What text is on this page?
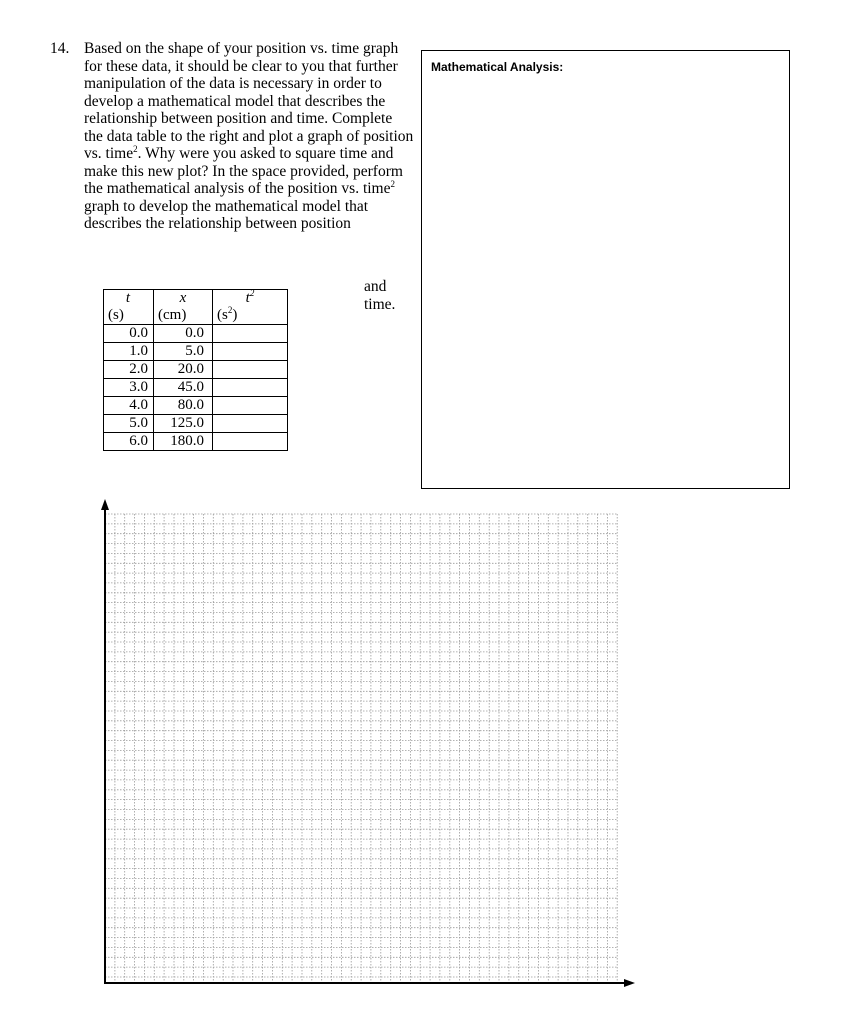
14. Based on the shape of your position vs. time graph for these data, it should be clear to you that further manipulation of the data is necessary in order to develop a mathematical model that describes the relationship between position and time. Complete the data table to the right and plot a graph of position vs. time$^2$. Why were you asked to square time and make this new plot? In the space provided, perform the mathematical analysis of the position vs. time$^2$ graph to develop the mathematical model that describes the relationship between position
and time.
t	x	$t^2$
(s)	(cm)	$(s^2)$
0.0	0.0	
1.0	5.0	
2.0	20.0	
3.0	45.0	
4.0	80.0	
5.0	125.0	
6.0	180.0	
Mathematical Analysis:
